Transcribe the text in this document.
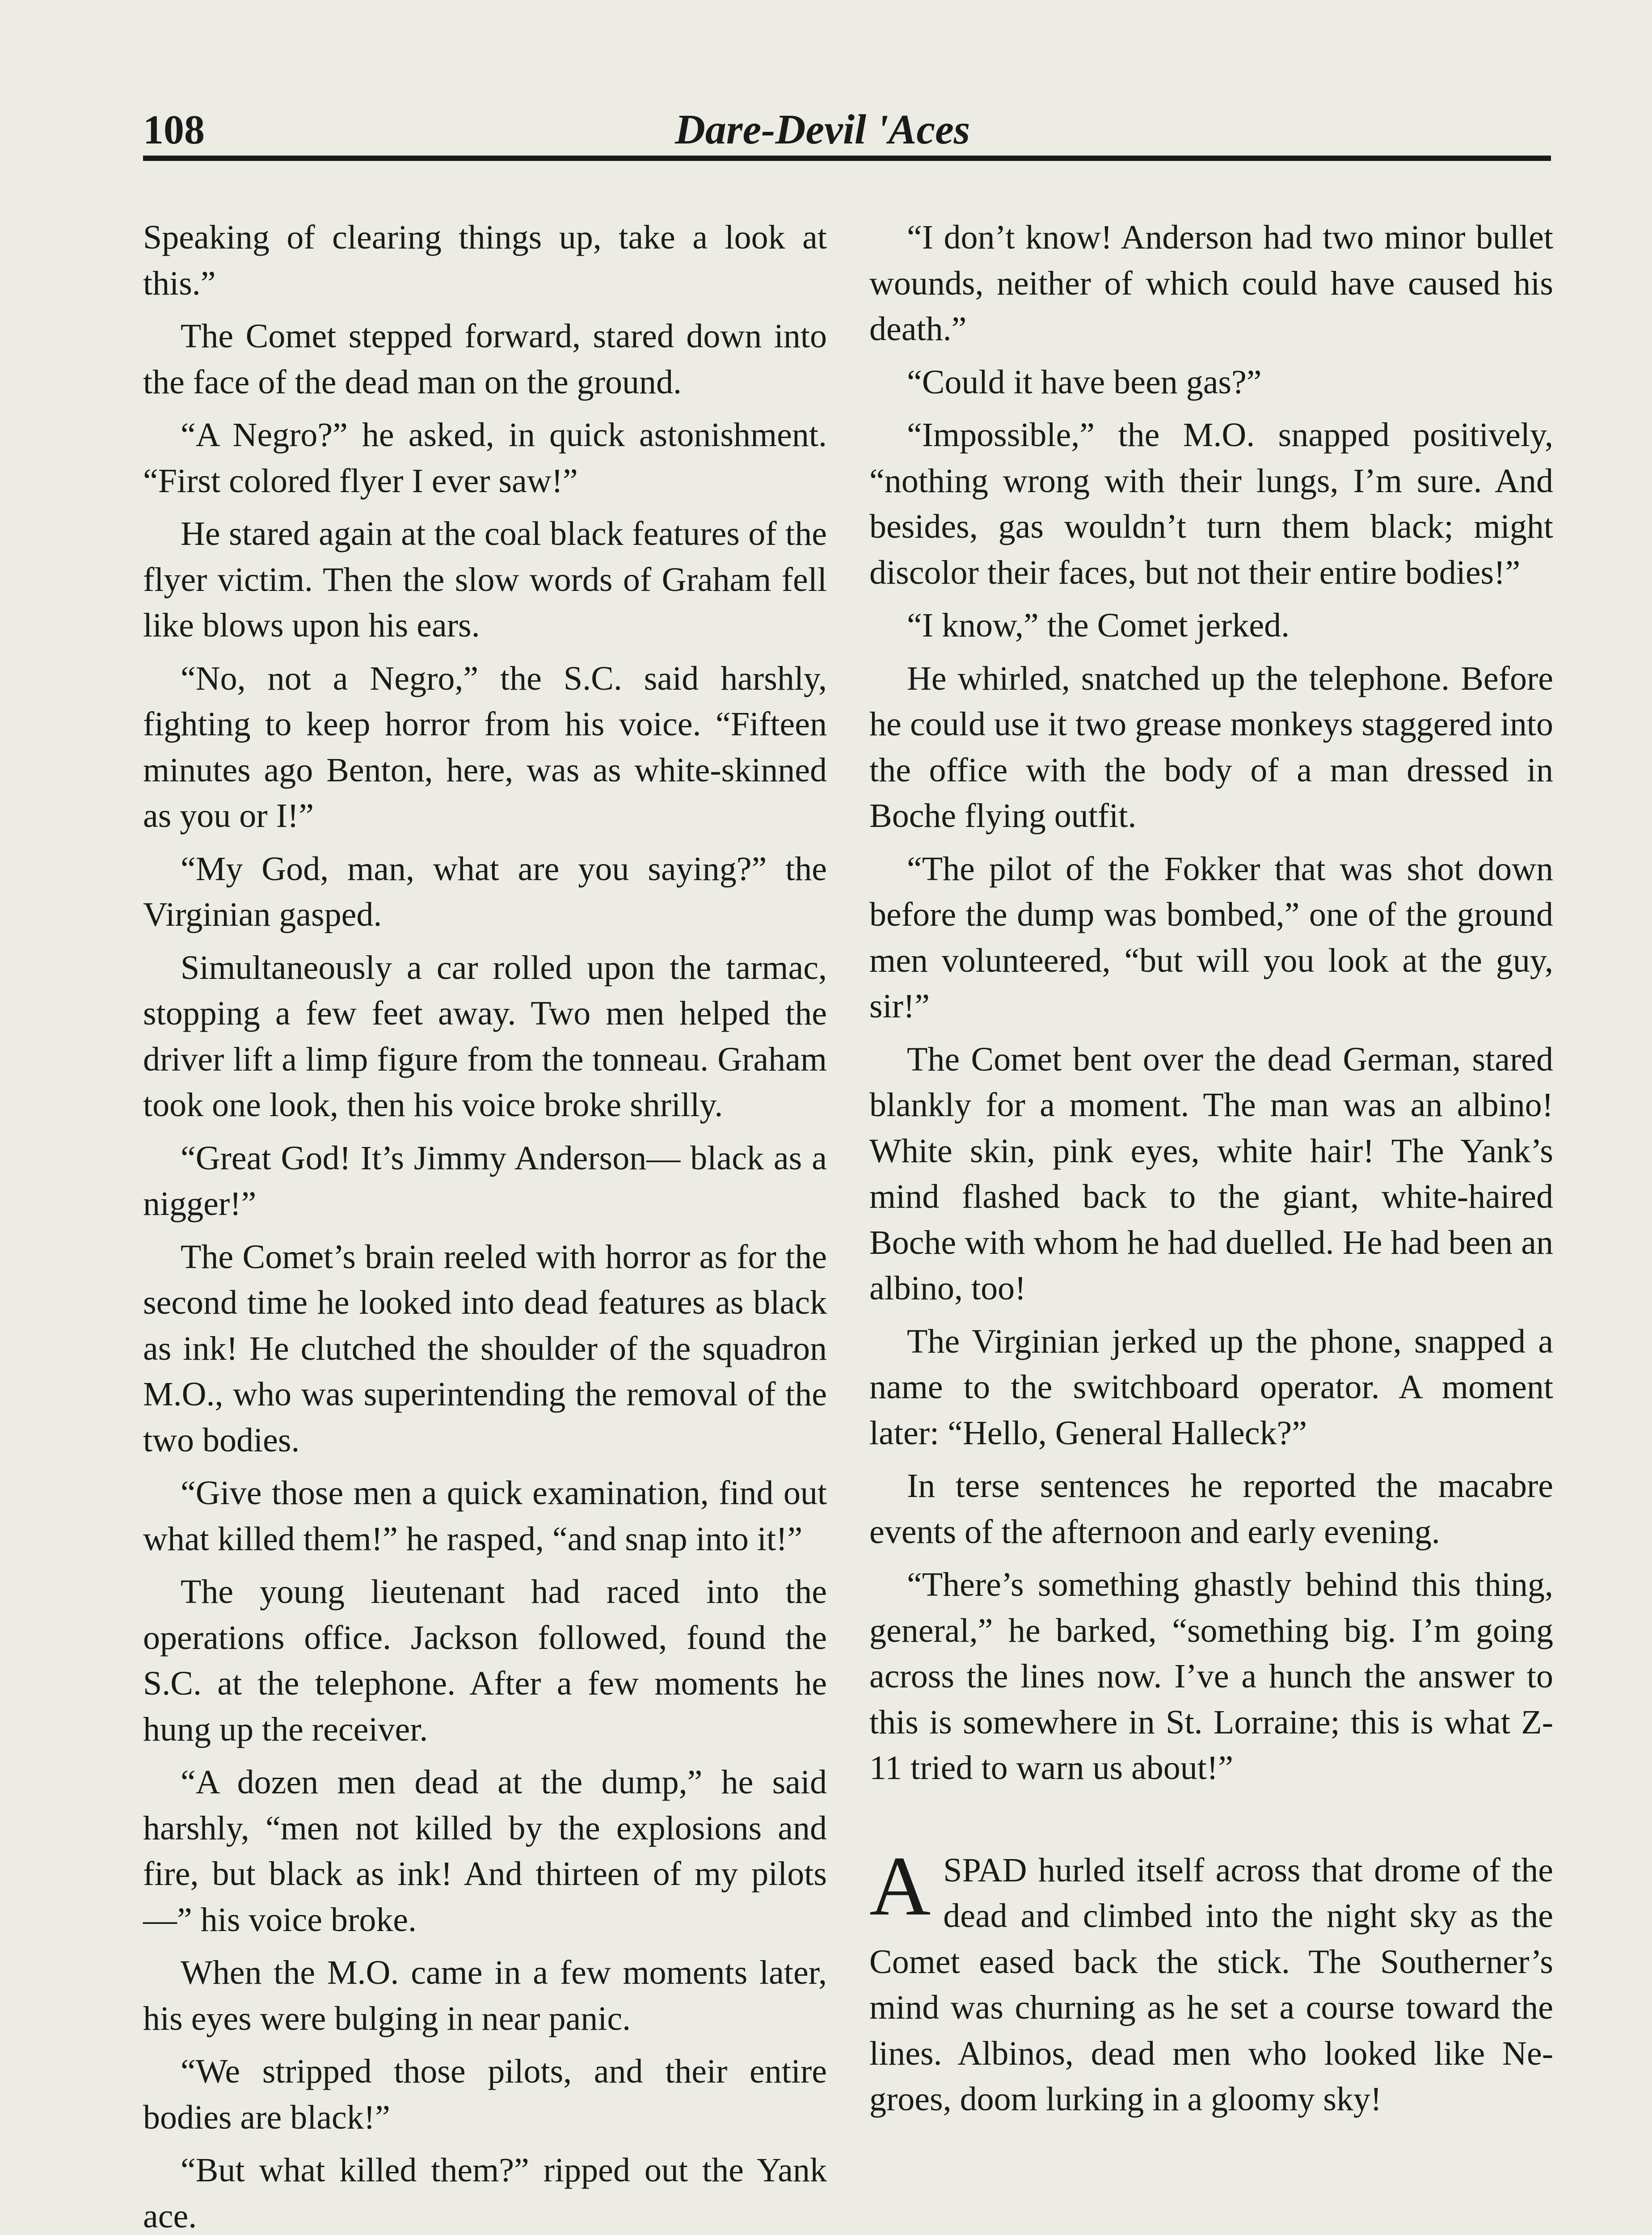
108	Dare-Devil 'Aces

Speaking of clearing things up, take a look at this.”

The Comet stepped forward, stared down into the face of the dead man on the ground.

“A Negro?” he asked, in quick astonishment. “First colored flyer I ever saw!”

He stared again at the coal black features of the flyer victim. Then the slow words of Graham fell like blows upon his ears.

“No, not a Negro,” the S.C. said harshly, fighting to keep horror from his voice. “Fifteen minutes ago Benton, here, was as white-skinned as you or I!”

“My God, man, what are you saying?” the Virginian gasped.

Simultaneously a car rolled upon the tarmac, stopping a few feet away. Two men helped the driver lift a limp figure from the tonneau. Graham took one look, then his voice broke shrilly.

“Great God! It’s Jimmy Anderson— black as a nigger!”

The Comet’s brain reeled with horror as for the second time he looked into dead features as black as ink! He clutched the shoulder of the squadron M.O., who was superintending the removal of the two bodies.

“Give those men a quick examination, find out what killed them!” he rasped, “and snap into it!”

The young lieutenant had raced into the operations office. Jackson followed, found the S.C. at the telephone. After a few moments he hung up the receiver.

“A dozen men dead at the dump,” he said harshly, “men not killed by the explosions and fire, but black as ink! And thirteen of my pilots—” his voice broke.

When the M.O. came in a few moments later, his eyes were bulging in near panic.

“We stripped those pilots, and their entire bodies are black!”

“But what killed them?” ripped out the Yank ace.

“I don’t know! Anderson had two minor bullet wounds, neither of which could have caused his death.”

“Could it have been gas?”

“Impossible,” the M.O. snapped positively, “nothing wrong with their lungs, I’m sure. And besides, gas wouldn’t turn them black; might discolor their faces, but not their entire bodies!”

“I know,” the Comet jerked.

He whirled, snatched up the telephone. Before he could use it two grease monkeys staggered into the office with the body of a man dressed in Boche flying outfit.

“The pilot of the Fokker that was shot down before the dump was bombed,” one of the ground men volunteered, “but will you look at the guy, sir!”

The Comet bent over the dead German, stared blankly for a moment. The man was an albino! White skin, pink eyes, white hair! The Yank’s mind flashed back to the giant, white-haired Boche with whom he had duelled. He had been an albino, too!

The Virginian jerked up the phone, snapped a name to the switchboard operator. A moment later: “Hello, General Halleck?”

In terse sentences he reported the macabre events of the afternoon and early evening.

“There’s something ghastly behind this thing, general,” he barked, “something big. I’m going across the lines now. I’ve a hunch the answer to this is somewhere in St. Lorraine; this is what Z-11 tried to warn us about!”

ASPAD hurled itself across that drome of the dead and climbed into the night sky as the Comet eased back the stick. The Southerner’s mind was churning as he set a course toward the lines. Albinos, dead men who looked like Negroes, doom lurking in a gloomy sky!
